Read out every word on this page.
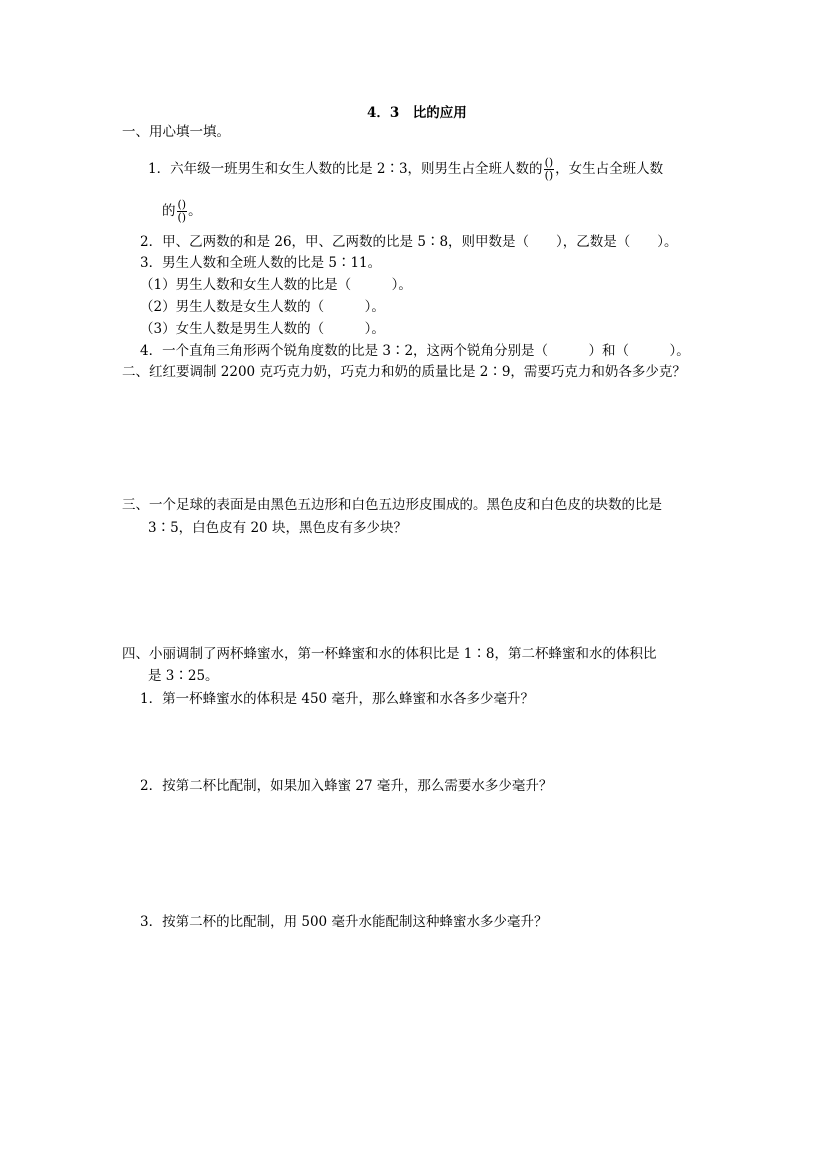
4．3　比的应用
一、用心填一填。
1．六年级一班男生和女生人数的比是 2∶3，则男生占全班人数的 $\frac{()}{()}$ ，女生占全班人数
的 $\frac{()}{()}$ 。
2．甲、乙两数的和是 26，甲、乙两数的比是 5∶8，则甲数是（　　），乙数是（　　）。
3．男生人数和全班人数的比是 5∶11。
（1）男生人数和女生人数的比是（　　　）。
（2）男生人数是女生人数的（　　　）。
（3）女生人数是男生人数的（　　　）。
4．一个直角三角形两个锐角度数的比是 3∶2，这两个锐角分别是（　　　）和（　　　）。
二、红红要调制 2200 克巧克力奶，巧克力和奶的质量比是 2∶9，需要巧克力和奶各多少克？
三、一个足球的表面是由黑色五边形和白色五边形皮围成的。黑色皮和白色皮的块数的比是
3∶5，白色皮有 20 块，黑色皮有多少块？
四、小丽调制了两杯蜂蜜水，第一杯蜂蜜和水的体积比是 1∶8，第二杯蜂蜜和水的体积比
是 3∶25。
1．第一杯蜂蜜水的体积是 450 毫升，那么蜂蜜和水各多少毫升？
2．按第二杯比配制，如果加入蜂蜜 27 毫升，那么需要水多少毫升？
3．按第二杯的比配制，用 500 毫升水能配制这种蜂蜜水多少毫升？
